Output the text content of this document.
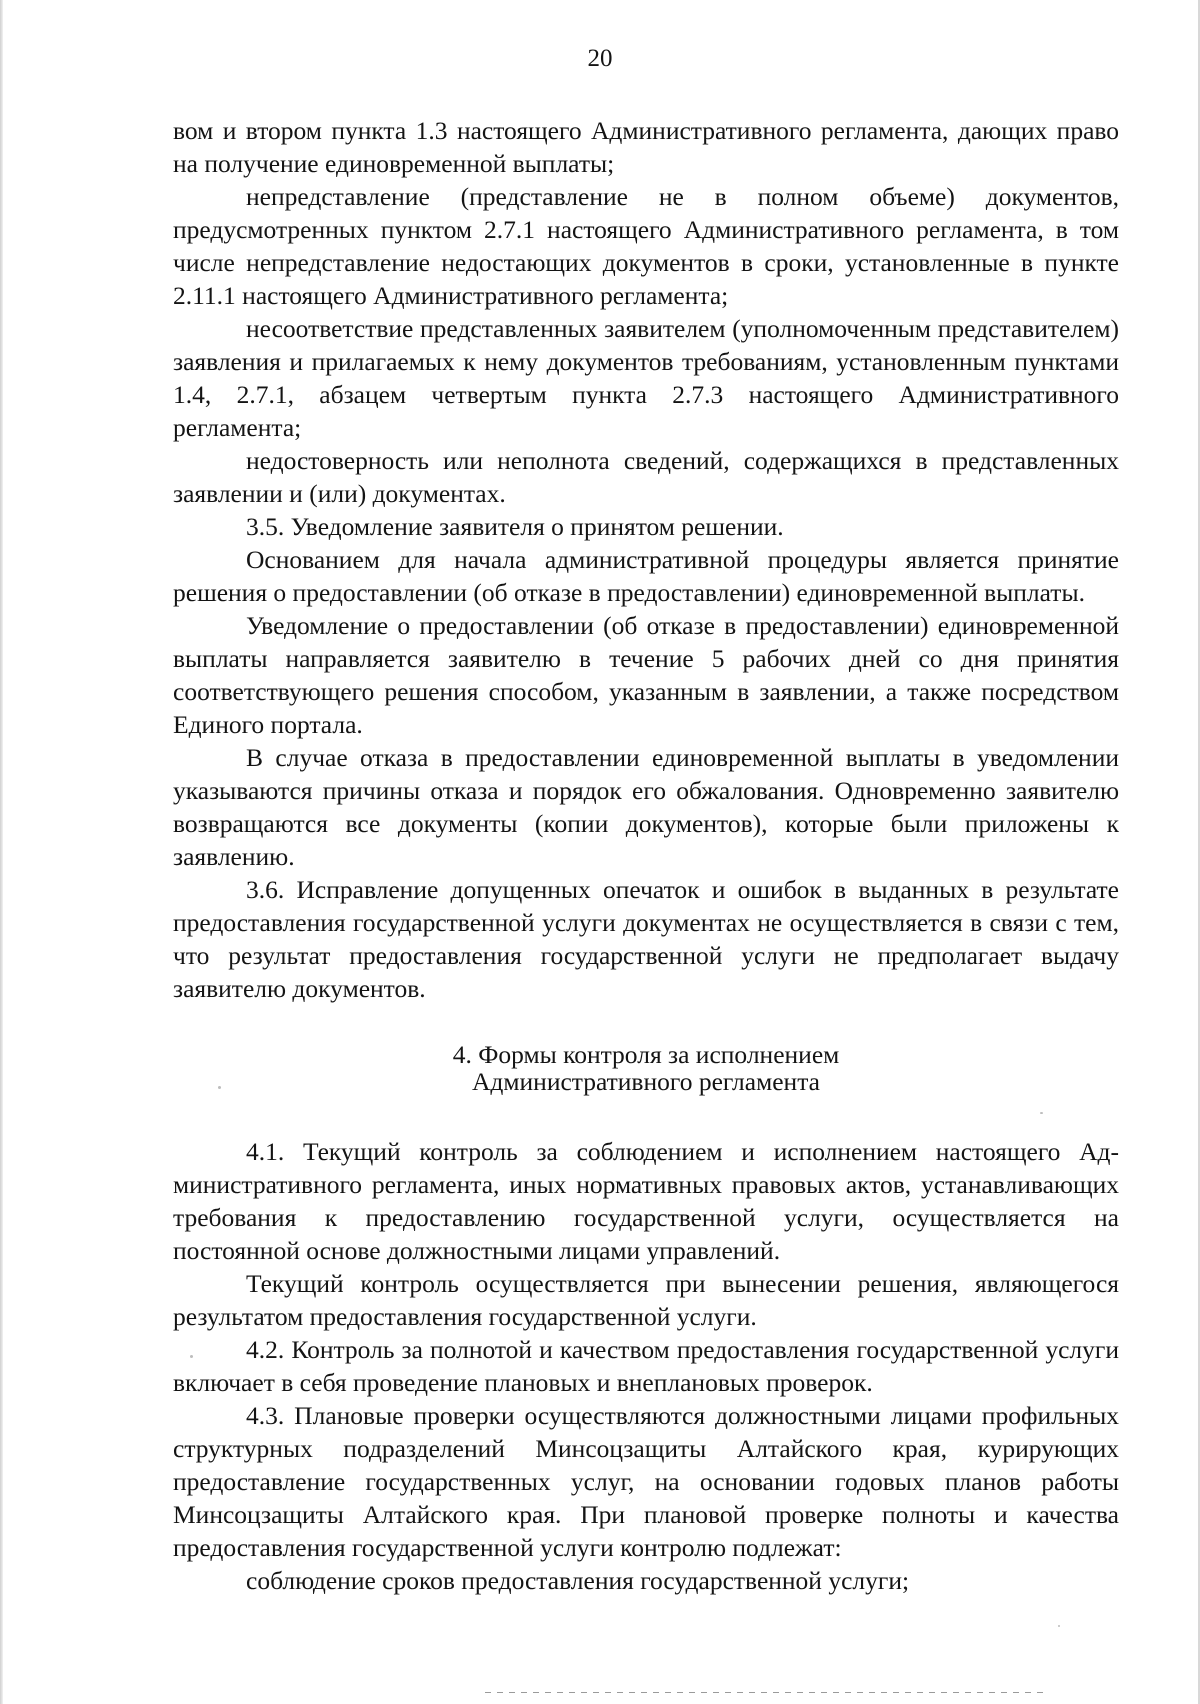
20

вом и втором пункта 1.3 настоящего Административного регламента, дающих право на получение единовременной выплаты;

непредставление (представление не в полном объеме) документов, предусмотренных пунктом 2.7.1 настоящего Административного регламента, в том числе непредставление недостающих документов в сроки, установленные в пункте 2.11.1 настоящего Административного регламента;

несоответствие представленных заявителем (уполномоченным представителем) заявления и прилагаемых к нему документов требованиям, установленным пунктами 1.4, 2.7.1, абзацем четвертым пункта 2.7.3 настоящего Административного регламента;

недостоверность или неполнота сведений, содержащихся в представленных заявлении и (или) документах.

3.5. Уведомление заявителя о принятом решении.

Основанием для начала административной процедуры является принятие решения о предоставлении (об отказе в предоставлении) единовременной выплаты.

Уведомление о предоставлении (об отказе в предоставлении) единовременной выплаты направляется заявителю в течение 5 рабочих дней со дня принятия соответствующего решения способом, указанным в заявлении, а также посредством Единого портала.

В случае отказа в предоставлении единовременной выплаты в уведомлении указываются причины отказа и порядок его обжалования. Одновременно заявителю возвращаются все документы (копии документов), которые были приложены к заявлению.

3.6. Исправление допущенных опечаток и ошибок в выданных в результате предоставления государственной услуги документах не осуществляется в связи с тем, что результат предоставления государственной услуги не предполагает выдачу заявителю документов.

4. Формы контроля за исполнением
Административного регламента

4.1. Текущий контроль за соблюдением и исполнением настоящего Административного регламента, иных нормативных правовых актов, устанавливающих требования к предоставлению государственной услуги, осуществляется на постоянной основе должностными лицами управлений.

Текущий контроль осуществляется при вынесении решения, являющегося результатом предоставления государственной услуги.

4.2. Контроль за полнотой и качеством предоставления государственной услуги включает в себя проведение плановых и внеплановых проверок.

4.3. Плановые проверки осуществляются должностными лицами профильных структурных подразделений Минсоцзащиты Алтайского края, курирующих предоставление государственных услуг, на основании годовых планов работы Минсоцзащиты Алтайского края. При плановой проверке полноты и качества предоставления государственной услуги контролю подлежат:

соблюдение сроков предоставления государственной услуги;
